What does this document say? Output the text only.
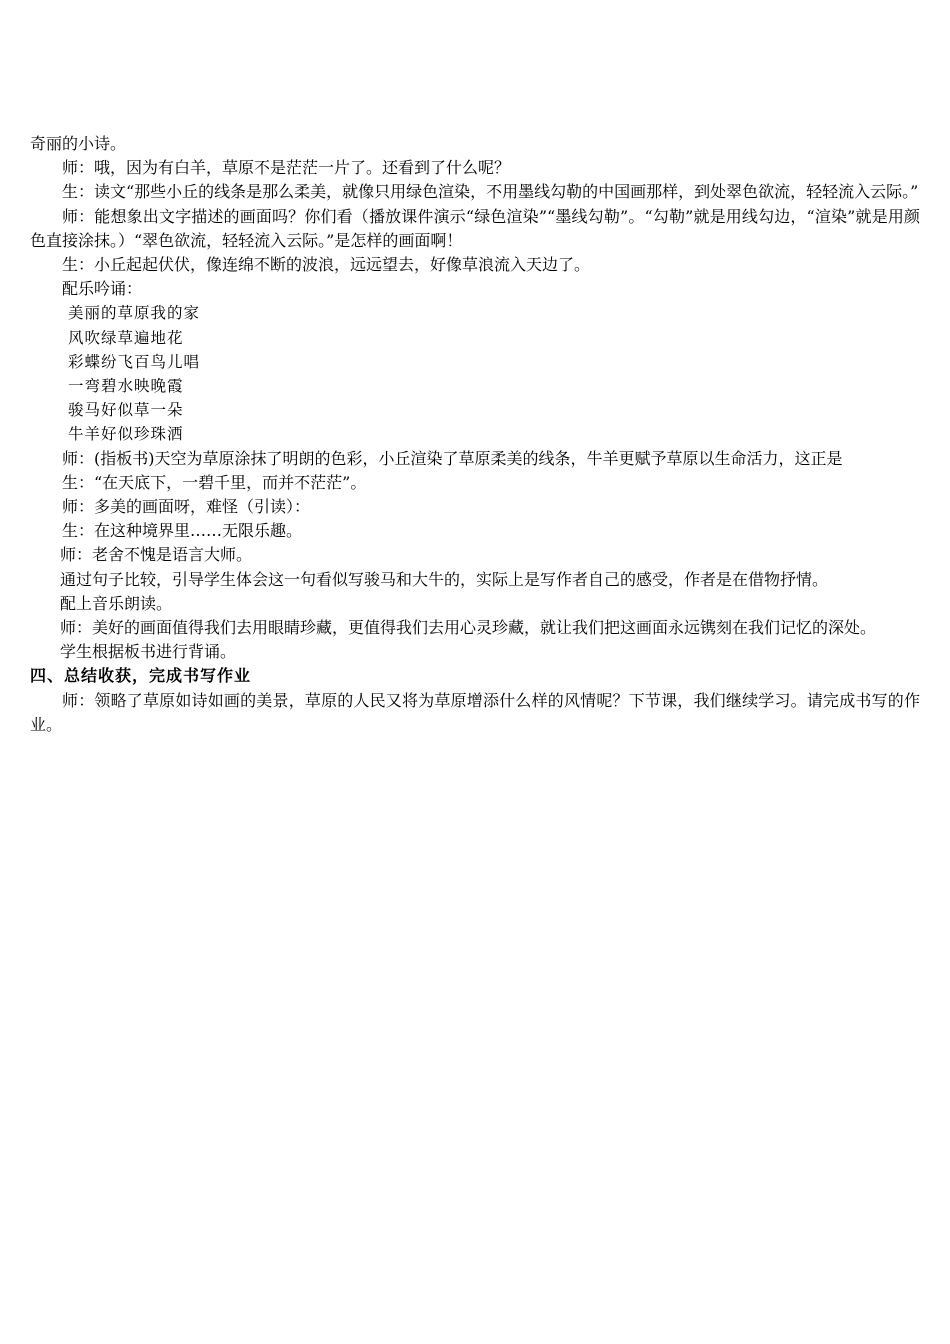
奇丽的小诗。

师：哦，因为有白羊，草原不是茫茫一片了。还看到了什么呢？

生：读文“那些小丘的线条是那么柔美，就像只用绿色渲染，不用墨线勾勒的中国画那样，到处翠色欲流，轻轻流入云际。”

师：能想象出文字描述的画面吗？你们看（播放课件演示“绿色渲染”“墨线勾勒”。“勾勒”就是用线勾边，“渲染”就是用颜色直接涂抹。）“翠色欲流，轻轻流入云际。”是怎样的画面啊！

生：小丘起起伏伏，像连绵不断的波浪，远远望去，好像草浪流入天边了。

配乐吟诵：

美丽的草原我的家

风吹绿草遍地花

彩蝶纷飞百鸟儿唱

一弯碧水映晚霞

骏马好似草一朵

牛羊好似珍珠洒

师：(指板书)天空为草原涂抹了明朗的色彩，小丘渲染了草原柔美的线条，牛羊更赋予草原以生命活力，这正是

生：“在天底下，一碧千里，而并不茫茫”。

师：多美的画面呀，难怪（引读）：

生：在这种境界里……无限乐趣。

师：老舍不愧是语言大师。

通过句子比较，引导学生体会这一句看似写骏马和大牛的，实际上是写作者自己的感受，作者是在借物抒情。

配上音乐朗读。

师：美好的画面值得我们去用眼睛珍藏，更值得我们去用心灵珍藏，就让我们把这画面永远镌刻在我们记忆的深处。

学生根据板书进行背诵。

四、总结收获，完成书写作业

师：领略了草原如诗如画的美景，草原的人民又将为草原增添什么样的风情呢？下节课，我们继续学习。请完成书写的作业。
